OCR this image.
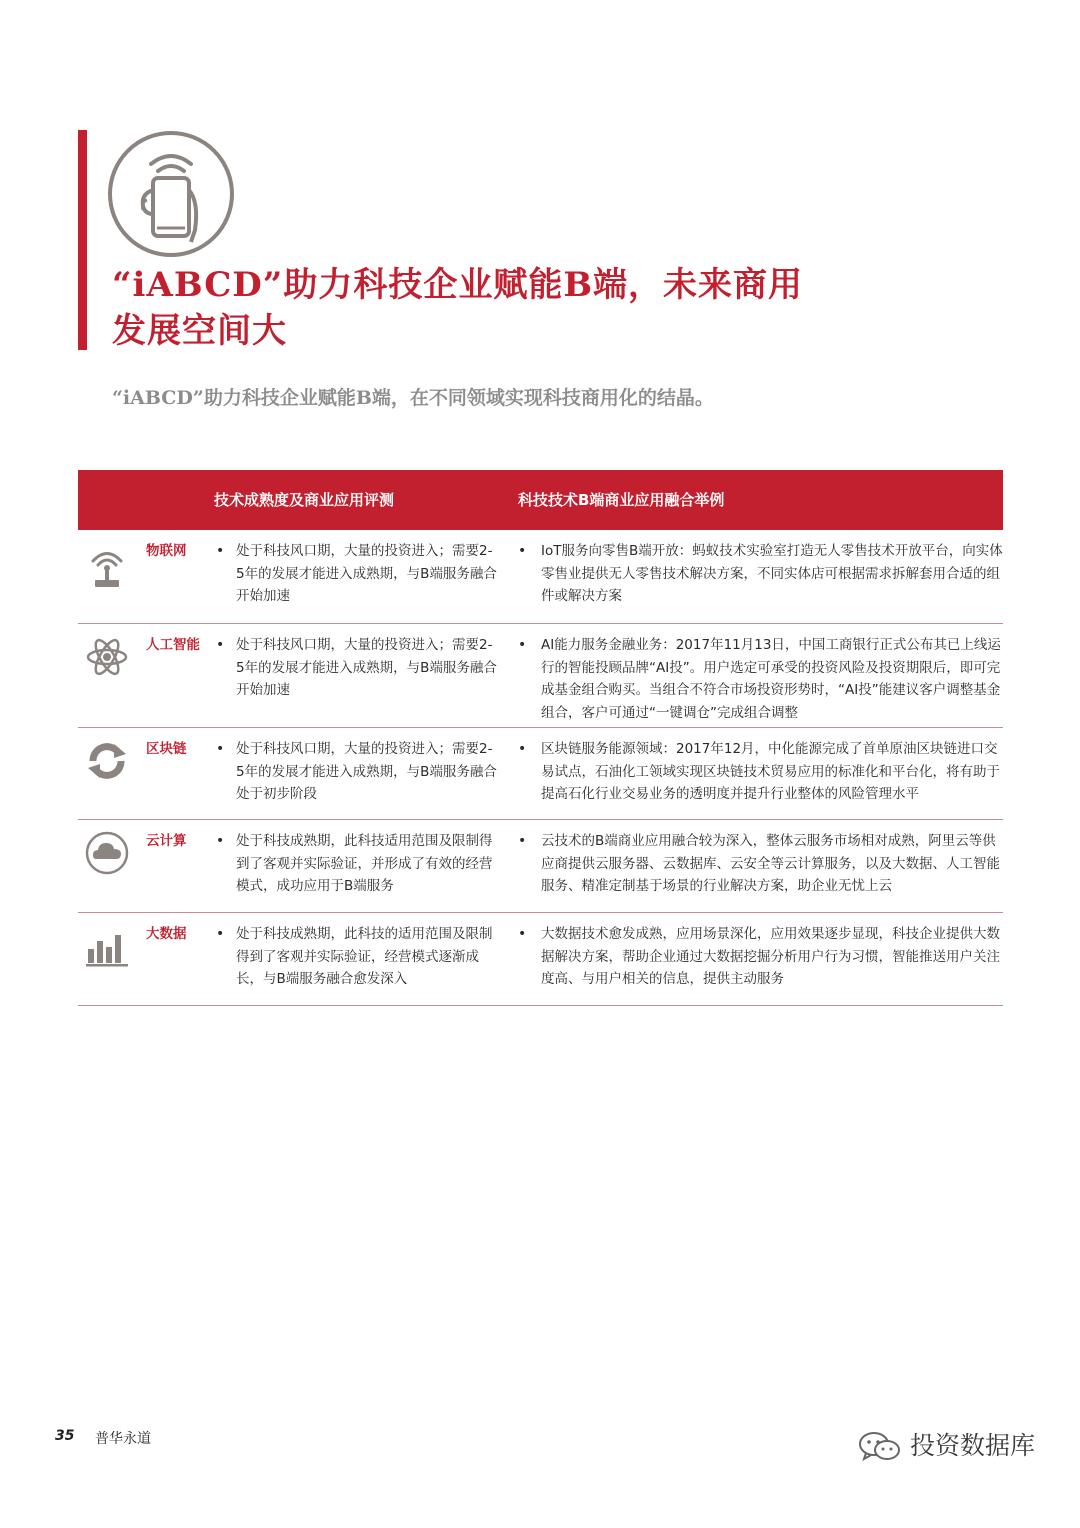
“iABCD”助力科技企业赋能B端，未来商用
发展空间大

“iABCD”助力科技企业赋能B端，在不同领域实现科技商用化的结晶。

技术成熟度及商业应用评测	科技技术B端商业应用融合举例
物联网 • 处于科技风口期，大量的投资进入；需要2-5年的发展才能进入成熟期，与B端服务融合开始加速
• IoT服务向零售B端开放：蚂蚁技术实验室打造无人零售技术开放平台，向实体零售业提供无人零售技术解决方案，不同实体店可根据需求拆解套用合适的组件或解决方案
人工智能 • 处于科技风口期，大量的投资进入；需要2-5年的发展才能进入成熟期，与B端服务融合开始加速
• AI能力服务金融业务：2017年11月13日，中国工商银行正式公布其已上线运行的智能投顾品牌“AI投”。用户选定可承受的投资风险及投资期限后，即可完成基金组合购买。当组合不符合市场投资形势时，“AI投”能建议客户调整基金组合，客户可通过“一键调仓”完成组合调整
区块链 • 处于科技风口期，大量的投资进入；需要2-5年的发展才能进入成熟期，与B端服务融合处于初步阶段
• 区块链服务能源领域：2017年12月，中化能源完成了首单原油区块链进口交易试点，石油化工领域实现区块链技术贸易应用的标准化和平台化，将有助于提高石化行业交易业务的透明度并提升行业整体的风险管理水平
云计算 • 处于科技成熟期，此科技适用范围及限制得到了客观并实际验证，并形成了有效的经营模式，成功应用于B端服务
• 云技术的B端商业应用融合较为深入，整体云服务市场相对成熟，阿里云等供应商提供云服务器、云数据库、云安全等云计算服务，以及大数据、人工智能服务、精准定制基于场景的行业解决方案，助企业无忧上云
大数据 • 处于科技成熟期，此科技的适用范围及限制得到了客观并实际验证，经营模式逐渐成长，与B端服务融合愈发深入
• 大数据技术愈发成熟，应用场景深化，应用效果逐步显现，科技企业提供大数据解决方案，帮助企业通过大数据挖掘分析用户行为习惯，智能推送用户关注度高、与用户相关的信息，提供主动服务
35 普华永道	投资数据库
